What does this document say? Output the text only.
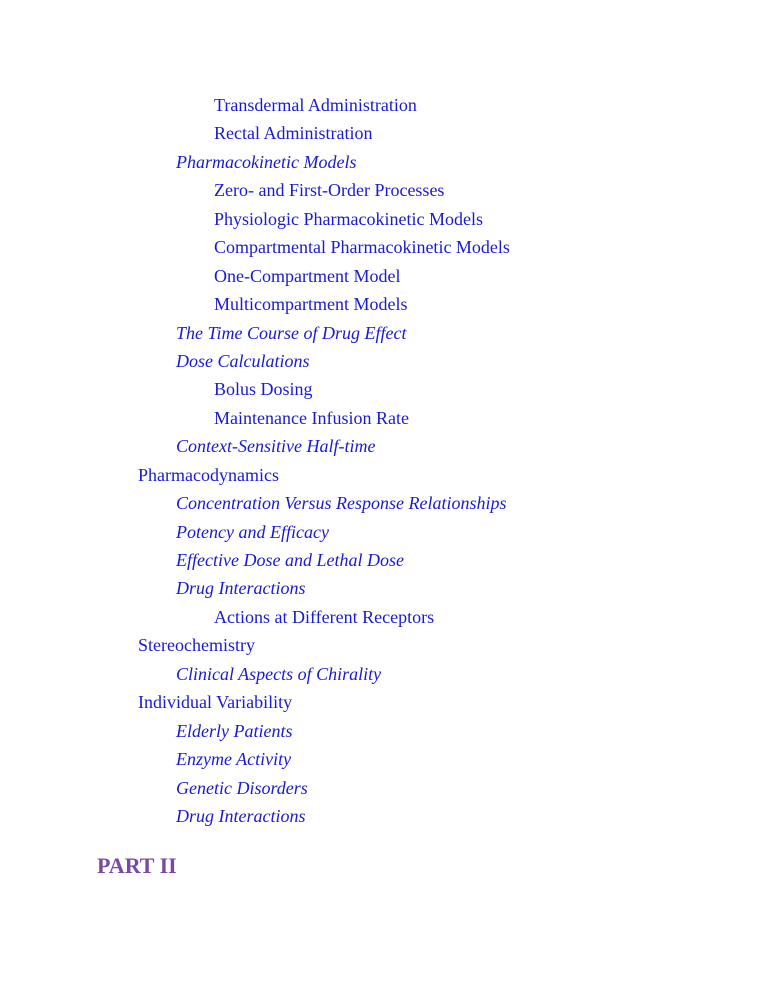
Transdermal Administration
Rectal Administration
Pharmacokinetic Models
Zero- and First-Order Processes
Physiologic Pharmacokinetic Models
Compartmental Pharmacokinetic Models
One-Compartment Model
Multicompartment Models
The Time Course of Drug Effect
Dose Calculations
Bolus Dosing
Maintenance Infusion Rate
Context-Sensitive Half-time
Pharmacodynamics
Concentration Versus Response Relationships
Potency and Efficacy
Effective Dose and Lethal Dose
Drug Interactions
Actions at Different Receptors
Stereochemistry
Clinical Aspects of Chirality
Individual Variability
Elderly Patients
Enzyme Activity
Genetic Disorders
Drug Interactions
PART II
